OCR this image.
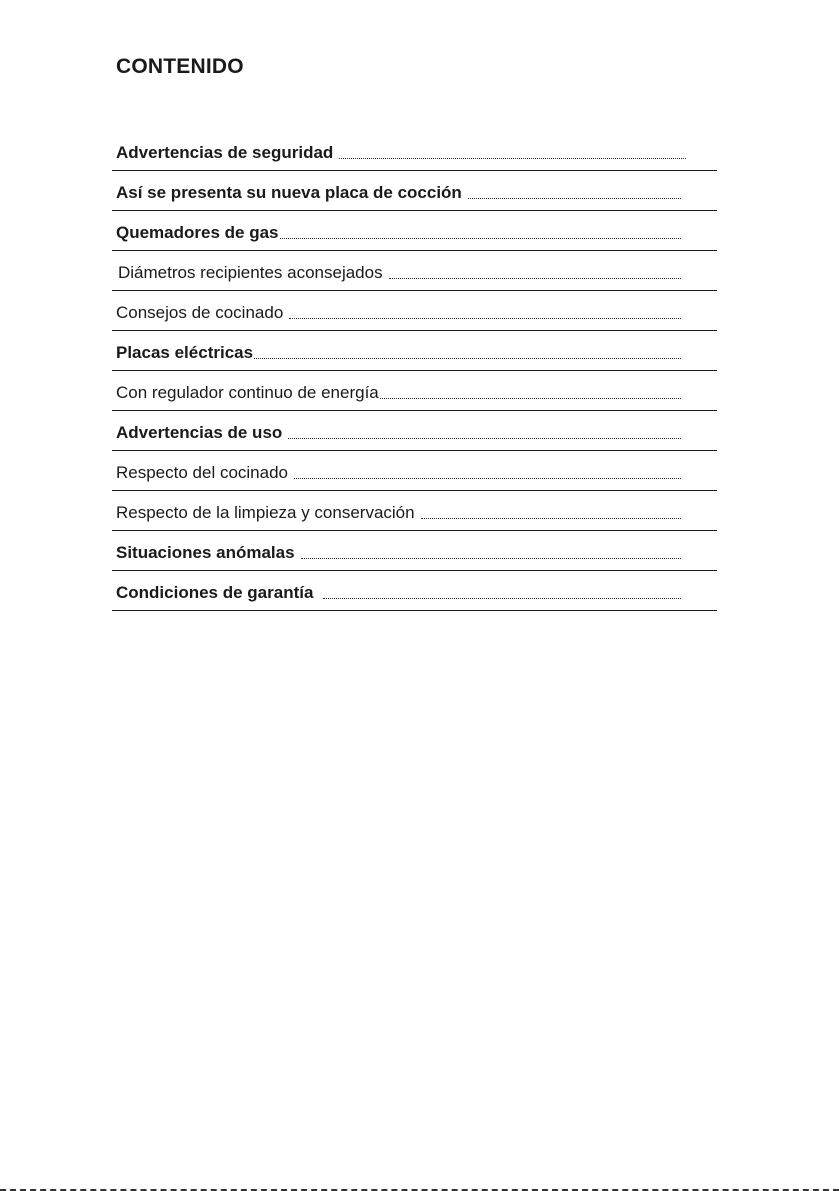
CONTENIDO
Advertencias de seguridad
Así se presenta su nueva placa de cocción
Quemadores de gas
Diámetros recipientes aconsejados
Consejos de cocinado
Placas eléctricas
Con regulador continuo de energía
Advertencias de uso
Respecto del cocinado
Respecto de la limpieza y conservación
Situaciones anómalas
Condiciones de garantía
